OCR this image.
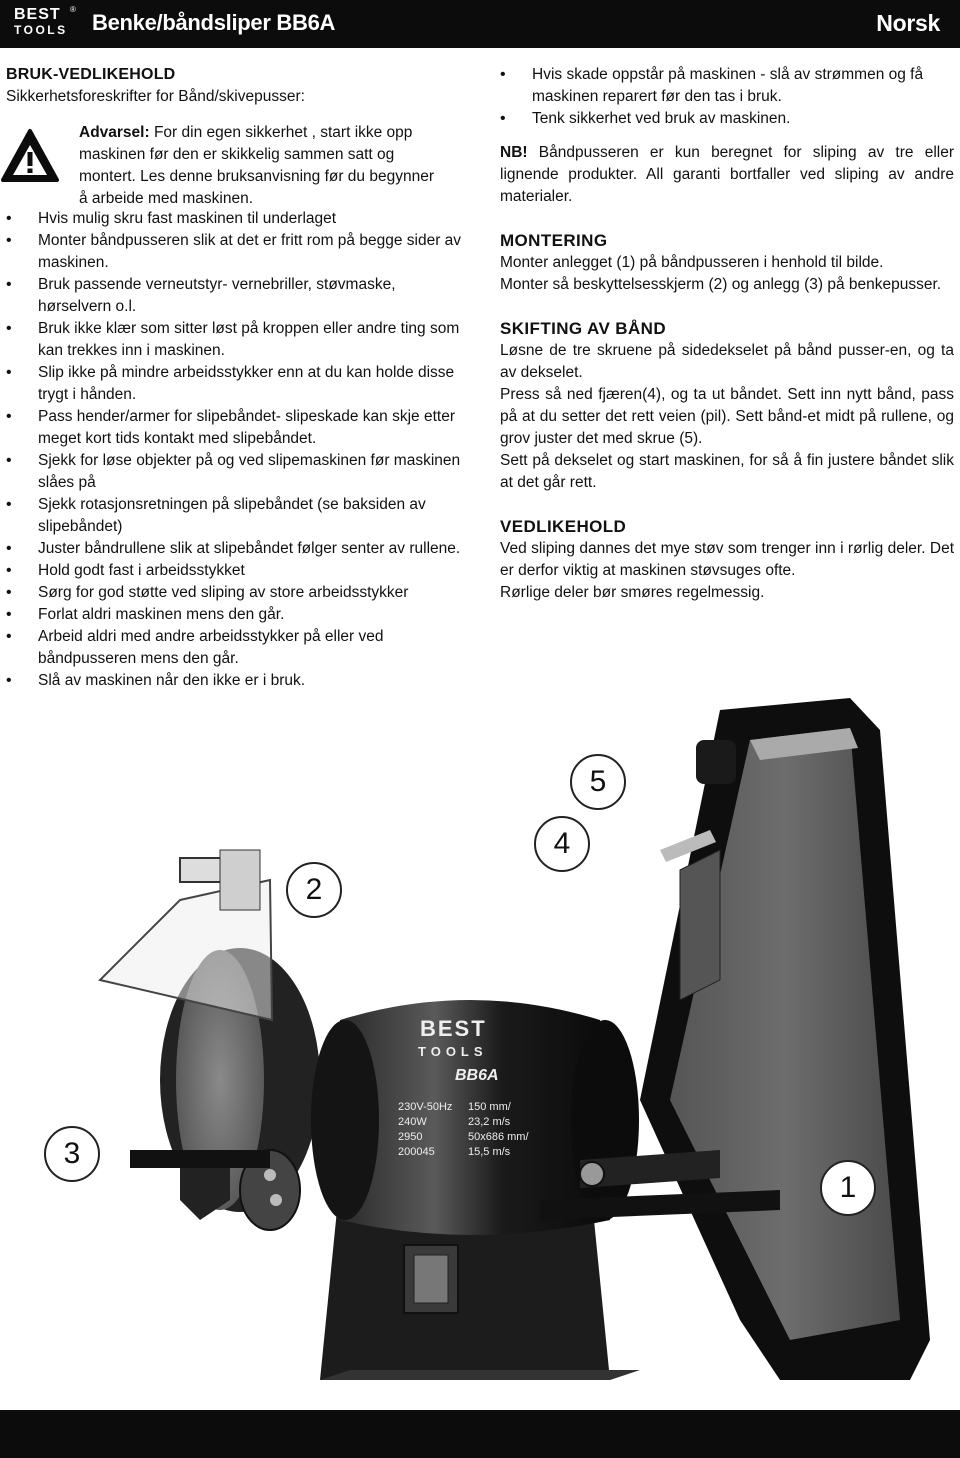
BEST ®
TOOLS Benke/båndsliper BB6A	Norsk
BRUK-VEDLIKEHOLD
Sikkerhetsforeskrifter for Bånd/skivepusser:
Advarsel: For din egen sikkerhet , start ikke opp maskinen før den er skikkelig sammen satt og montert. Les denne bruksanvisning før du begynner å arbeide med maskinen.
• Hvis mulig skru fast maskinen til underlaget
• Monter båndpusseren slik at det er fritt rom på begge sider av maskinen.
• Bruk passende verneutstyr- vernebriller, støvmaske, hørselvern o.l.
• Bruk ikke klær som sitter løst på kroppen eller andre ting som kan trekkes inn i maskinen.
• Slip ikke på mindre arbeidsstykker enn at du kan holde disse trygt i hånden.
• Pass hender/armer for slipebåndet- slipeskade kan skje etter meget kort tids kontakt med slipebåndet.
• Sjekk for løse objekter på og ved slipemaskinen før maskinen slåes på
• Sjekk rotasjonsretningen på slipebåndet (se baksiden av slipebåndet)
• Juster båndrullene slik at slipebåndet følger senter av rullene.
• Hold godt fast i arbeidsstykket
• Sørg for god støtte ved sliping av store arbeidsstykker
• Forlat aldri maskinen mens den går.
• Arbeid aldri med andre arbeidsstykker på eller ved båndpusseren mens den går.
• Slå av maskinen når den ikke er i bruk.
• Hvis skade oppstår på maskinen - slå av strømmen og få maskinen reparert før den tas i bruk.
• Tenk sikkerhet ved bruk av maskinen.
NB! Båndpusseren er kun beregnet for sliping av tre eller lignende produkter. All garanti bortfaller ved sliping av andre materialer.
MONTERING

Monter anlegget (1) på båndpusseren i henhold til bilde.

Monter så beskyttelsesskjerm (2) og anlegg (3) på benkepusser.

SKIFTING AV BÅND

Løsne de tre skruene på sidedekselet på bånd pusser-en, og ta av dekselet.

Press så ned fjæren(4), og ta ut båndet. Sett inn nytt bånd, pass på at du setter det rett veien (pil). Sett bånd-et midt på rullene, og grov juster det med skrue (5).

Sett på dekselet og start maskinen, for så å fin justere båndet slik at det går rett.

VEDLIKEHOLD

Ved sliping dannes det mye støv som trenger inn i rørlig deler. Det er derfor viktig at maskinen støvsuges ofte.

Rørlige deler bør smøres regelmessig.

BEST
TOOLS
BB6A
230V-50Hz
240W
2950
200045
150 mm/
23,2 m/s
50x686 mm/
15,5 m/s
1
2
3
4
5
